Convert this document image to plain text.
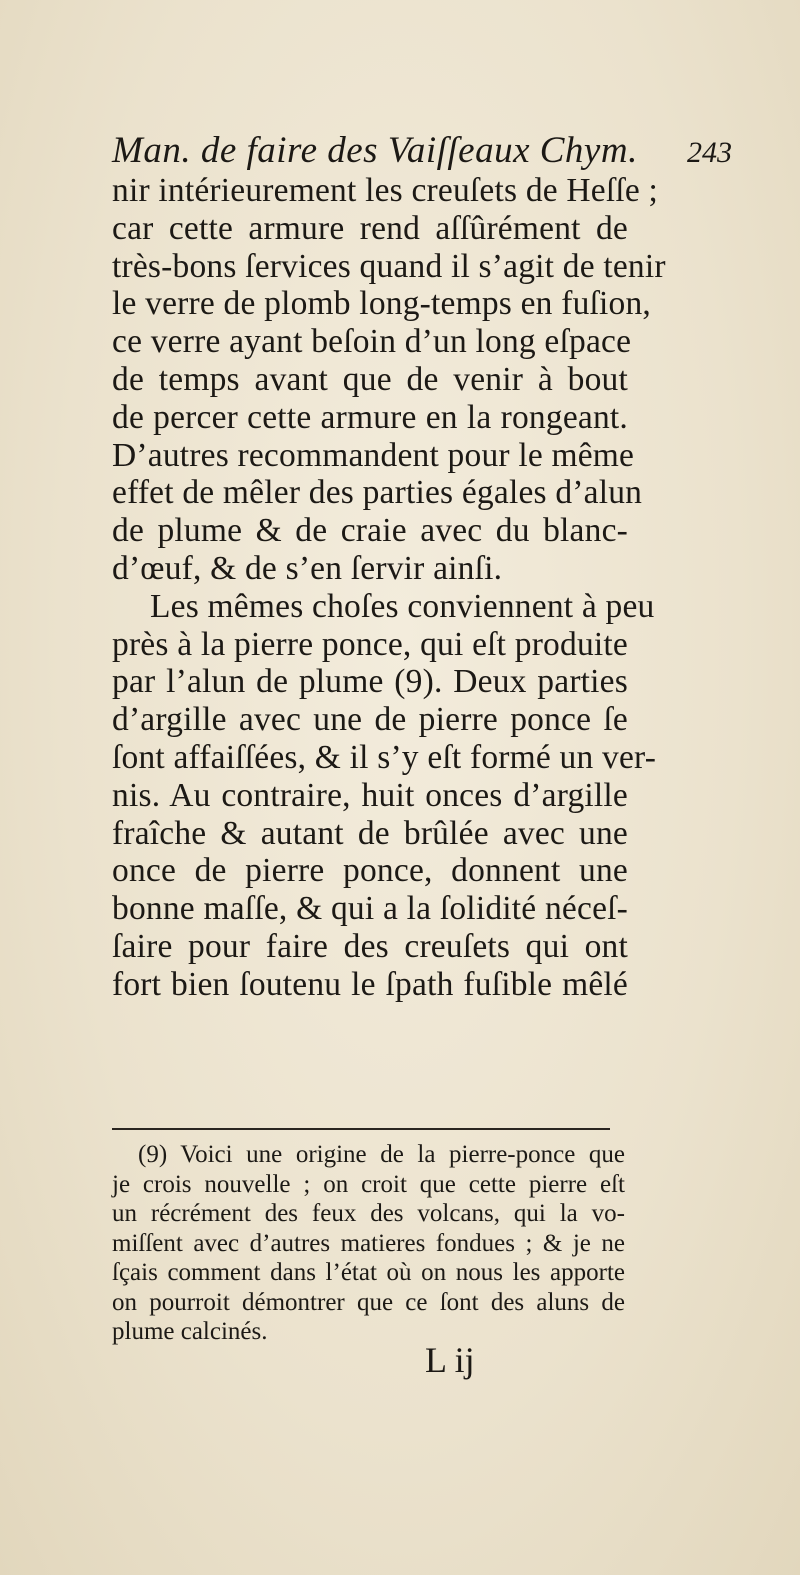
Man. de faire des Vaiſſeaux Chym. 243
nir intérieurement les creuſets de Heſſe ;
car cette armure rend aſſûrément de
très-bons ſervices quand il s’agit de tenir
le verre de plomb long-temps en fuſion,
ce verre ayant beſoin d’un long eſpace
de temps avant que de venir à bout
de percer cette armure en la rongeant.
D’autres recommandent pour le même
effet de mêler des parties égales d’alun
de plume & de craie avec du blanc-
d’œuf, & de s’en ſervir ainſi.
Les mêmes choſes conviennent à peu
près à la pierre ponce, qui eſt produite
par l’alun de plume (9). Deux parties
d’argille avec une de pierre ponce ſe
ſont affaiſſées, & il s’y eſt formé un ver-
nis. Au contraire, huit onces d’argille
fraîche & autant de brûlée avec une
once de pierre ponce, donnent une
bonne maſſe, & qui a la ſolidité néceſ-
ſaire pour faire des creuſets qui ont
fort bien ſoutenu le ſpath fuſible mêlé
(9) Voici une origine de la pierre-ponce que
je crois nouvelle ; on croit que cette pierre eſt
un récrément des feux des volcans, qui la vo-
miſſent avec d’autres matieres fondues ; & je ne
ſçais comment dans l’état où on nous les apporte
on pourroit démontrer que ce ſont des aluns de
plume calcinés.
L ij
